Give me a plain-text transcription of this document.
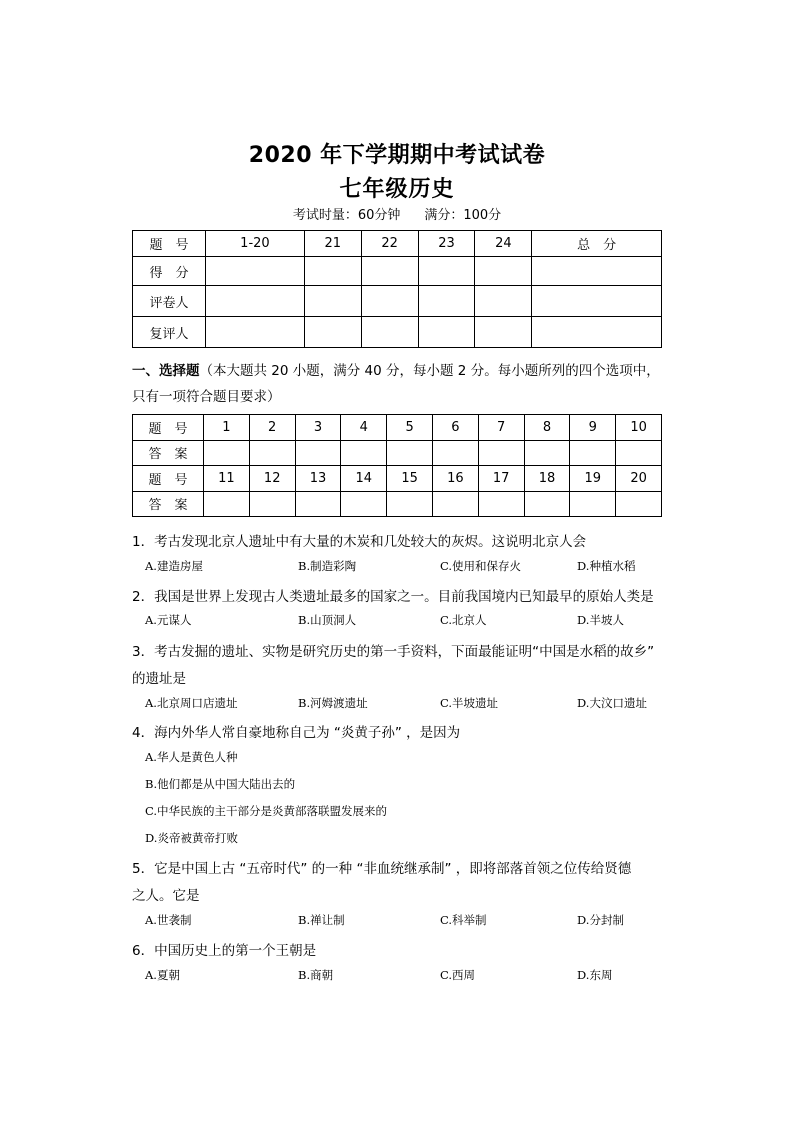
2020 年下学期期中考试试卷
七年级历史
考试时量：60分钟 满分：100分
题　号	1-20	21	22	23	24	总　分
得　分						
评卷人						
复评人						
一、选择题（本大题共 20 小题，满分 40 分，每小题 2 分。每小题所列的四个选项中，
只有一项符合题目要求）
题　号	1	2	3	4	5	6	7	8	9	10
答　案										
题　号	11	12	13	14	15	16	17	18	19	20
答　案										
1．考古发现北京人遗址中有大量的木炭和几处较大的灰烬。这说明北京人会
A.建造房屋	B.制造彩陶	C.使用和保存火	D.种植水稻
2．我国是世界上发现古人类遗址最多的国家之一。目前我国境内已知最早的原始人类是
A.元谋人	B.山顶洞人	C.北京人	D.半坡人
3．考古发掘的遗址、实物是研究历史的第一手资料，下面最能证明“中国是水稻的故乡”
的遗址是
A.北京周口店遗址	B.河姆渡遗址	C.半坡遗址	D.大汶口遗址
4．海内外华人常自豪地称自己为 “炎黄子孙” ，是因为
A.华人是黄色人种
B.他们都是从中国大陆出去的
C.中华民族的主干部分是炎黄部落联盟发展来的
D.炎帝被黄帝打败
5．它是中国上古 “五帝时代” 的一种 “非血统继承制” ，即将部落首领之位传给贤德
之人。它是
A.世袭制	B.禅让制	C.科举制	D.分封制
6．中国历史上的第一个王朝是
A.夏朝	B.商朝	C.西周	D.东周
